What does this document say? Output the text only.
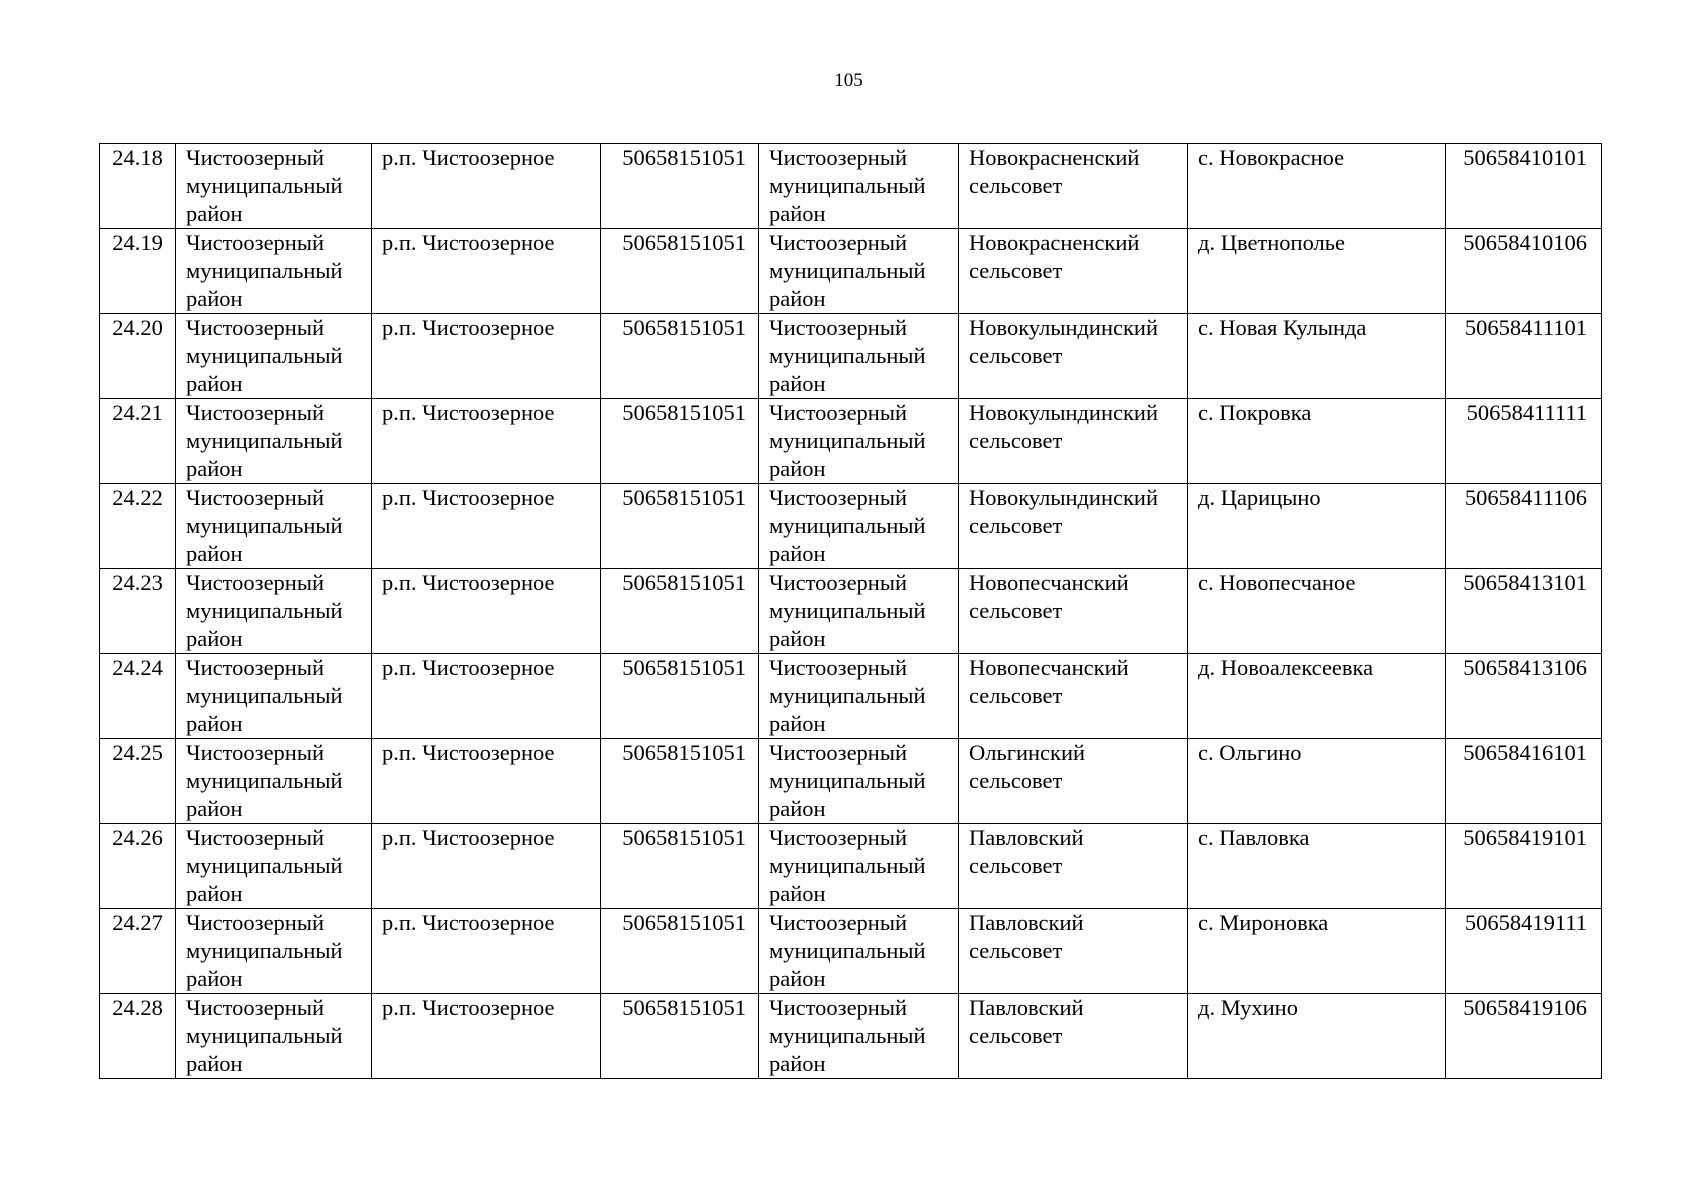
105
24.18	Чистоозерный
муниципальный
район	р.п. Чистоозерное	50658151051	Чистоозерный
муниципальный
район	Новокрасненский
сельсовет	с. Новокрасное	50658410101
24.19	Чистоозерный
муниципальный
район	р.п. Чистоозерное	50658151051	Чистоозерный
муниципальный
район	Новокрасненский
сельсовет	д. Цветнополье	50658410106
24.20	Чистоозерный
муниципальный
район	р.п. Чистоозерное	50658151051	Чистоозерный
муниципальный
район	Новокулындинский
сельсовет	с. Новая Кулында	50658411101
24.21	Чистоозерный
муниципальный
район	р.п. Чистоозерное	50658151051	Чистоозерный
муниципальный
район	Новокулындинский
сельсовет	с. Покровка	50658411111
24.22	Чистоозерный
муниципальный
район	р.п. Чистоозерное	50658151051	Чистоозерный
муниципальный
район	Новокулындинский
сельсовет	д. Царицыно	50658411106
24.23	Чистоозерный
муниципальный
район	р.п. Чистоозерное	50658151051	Чистоозерный
муниципальный
район	Новопесчанский
сельсовет	с. Новопесчаное	50658413101
24.24	Чистоозерный
муниципальный
район	р.п. Чистоозерное	50658151051	Чистоозерный
муниципальный
район	Новопесчанский
сельсовет	д. Новоалексеевка	50658413106
24.25	Чистоозерный
муниципальный
район	р.п. Чистоозерное	50658151051	Чистоозерный
муниципальный
район	Ольгинский
сельсовет	с. Ольгино	50658416101
24.26	Чистоозерный
муниципальный
район	р.п. Чистоозерное	50658151051	Чистоозерный
муниципальный
район	Павловский
сельсовет	с. Павловка	50658419101
24.27	Чистоозерный
муниципальный
район	р.п. Чистоозерное	50658151051	Чистоозерный
муниципальный
район	Павловский
сельсовет	с. Мироновка	50658419111
24.28	Чистоозерный
муниципальный
район	р.п. Чистоозерное	50658151051	Чистоозерный
муниципальный
район	Павловский
сельсовет	д. Мухино	50658419106
